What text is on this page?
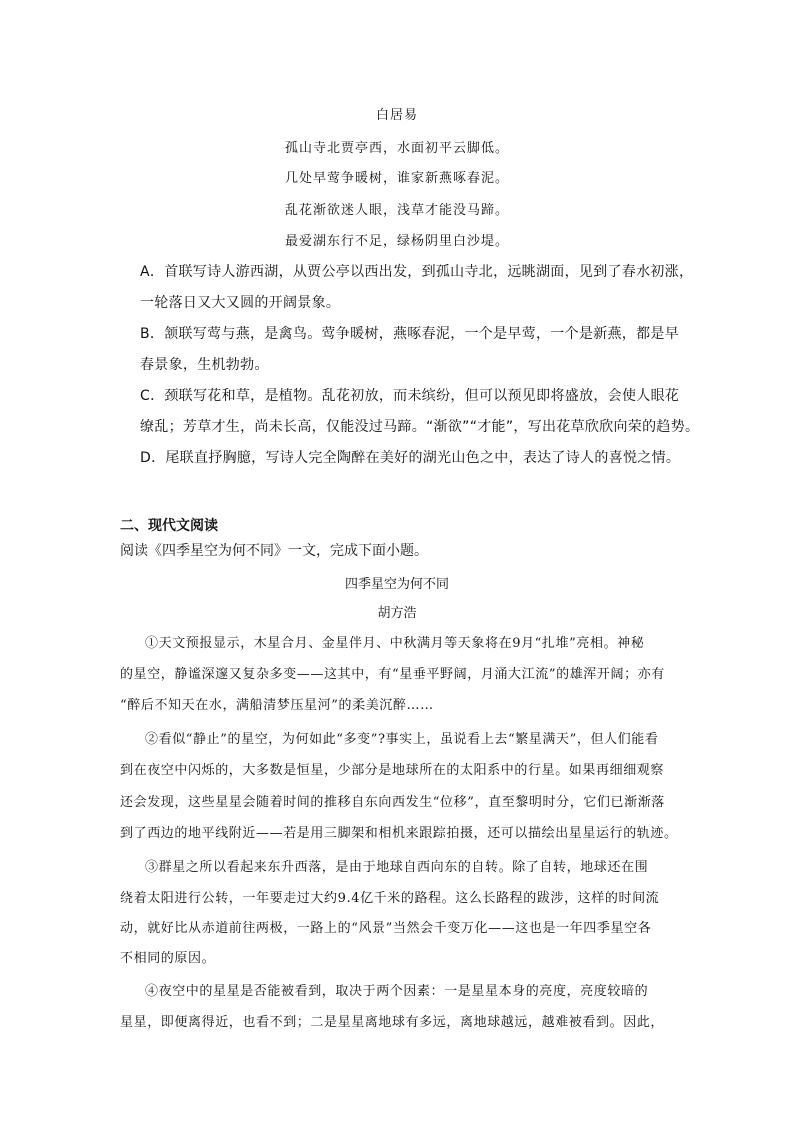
白居易
孤山寺北贾亭西，水面初平云脚低。
几处早莺争暖树，谁家新燕啄春泥。
乱花渐欲迷人眼，浅草才能没马蹄。
最爱湖东行不足，绿杨阴里白沙堤。
A．首联写诗人游西湖，从贾公亭以西出发，到孤山寺北，远眺湖面，见到了春水初涨，
一轮落日又大又圆的开阔景象。
B．颔联写莺与燕，是禽鸟。莺争暖树，燕啄春泥，一个是早莺，一个是新燕，都是早
春景象，生机勃勃。
C．颈联写花和草，是植物。乱花初放，而未缤纷，但可以预见即将盛放，会使人眼花
缭乱；芳草才生，尚未长高，仅能没过马蹄。“渐欲”“才能”，写出花草欣欣向荣的趋势。
D．尾联直抒胸臆，写诗人完全陶醉在美好的湖光山色之中，表达了诗人的喜悦之情。
二、现代文阅读
阅读《四季星空为何不同》一文，完成下面小题。
四季星空为何不同
胡方浩
①天文预报显示，木星合月、金星伴月、中秋满月等天象将在9月“扎堆”亮相。神秘
的星空，静谧深邃又复杂多变——这其中，有“星垂平野阔，月涌大江流”的雄浑开阔；亦有
“醉后不知天在水，满船清梦压星河”的柔美沉醉……
②看似“静止”的星空，为何如此“多变”?事实上，虽说看上去“繁星满天”，但人们能看
到在夜空中闪烁的，大多数是恒星，少部分是地球所在的太阳系中的行星。如果再细细观察
还会发现，这些星星会随着时间的推移自东向西发生“位移”，直至黎明时分，它们已渐渐落
到了西边的地平线附近——若是用三脚架和相机来跟踪拍摄，还可以描绘出星星运行的轨迹。
③群星之所以看起来东升西落，是由于地球自西向东的自转。除了自转，地球还在围
绕着太阳进行公转，一年要走过大约9.4亿千米的路程。这么长路程的跋涉，这样的时间流
动，就好比从赤道前往两极，一路上的“风景”当然会千变万化——这也是一年四季星空各
不相同的原因。
④夜空中的星星是否能被看到，取决于两个因素：一是星星本身的亮度，亮度较暗的
星星，即便离得近，也看不到；二是星星离地球有多远，离地球越远，越难被看到。因此，
